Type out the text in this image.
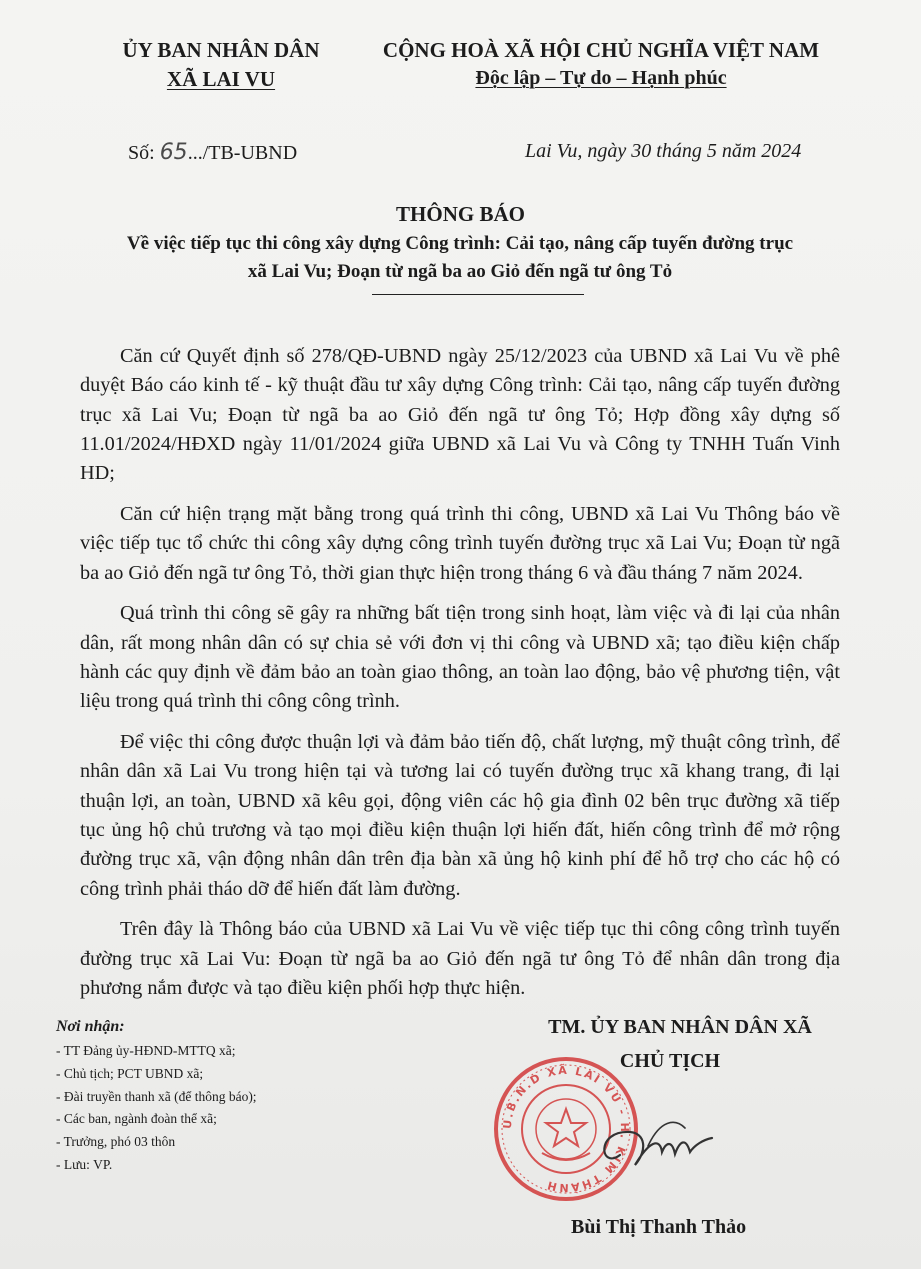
ỦY BAN NHÂN DÂN
XÃ LAI VU
CỘNG HOÀ XÃ HỘI CHỦ NGHĨA VIỆT NAM
Độc lập – Tự do – Hạnh phúc
Số: 65.../TB-UBND	Lai Vu, ngày 30 tháng 5 năm 2024
THÔNG BÁO
Về việc tiếp tục thi công xây dựng Công trình: Cải tạo, nâng cấp tuyến đường trục
xã Lai Vu; Đoạn từ ngã ba ao Giỏ đến ngã tư ông Tỏ

Căn cứ Quyết định số 278/QĐ-UBND ngày 25/12/2023 của UBND xã Lai Vu về phê duyệt Báo cáo kinh tế - kỹ thuật đầu tư xây dựng Công trình: Cải tạo, nâng cấp tuyến đường trục xã Lai Vu; Đoạn từ ngã ba ao Giỏ đến ngã tư ông Tỏ; Hợp đồng xây dựng số 11.01/2024/HĐXD ngày 11/01/2024 giữa UBND xã Lai Vu và Công ty TNHH Tuấn Vinh HD;

Căn cứ hiện trạng mặt bằng trong quá trình thi công, UBND xã Lai Vu Thông báo về việc tiếp tục tổ chức thi công xây dựng công trình tuyến đường trục xã Lai Vu; Đoạn từ ngã ba ao Giỏ đến ngã tư ông Tỏ, thời gian thực hiện trong tháng 6 và đầu tháng 7 năm 2024.

Quá trình thi công sẽ gây ra những bất tiện trong sinh hoạt, làm việc và đi lại của nhân dân, rất mong nhân dân có sự chia sẻ với đơn vị thi công và UBND xã; tạo điều kiện chấp hành các quy định về đảm bảo an toàn giao thông, an toàn lao động, bảo vệ phương tiện, vật liệu trong quá trình thi công công trình.

Để việc thi công được thuận lợi và đảm bảo tiến độ, chất lượng, mỹ thuật công trình, để nhân dân xã Lai Vu trong hiện tại và tương lai có tuyến đường trục xã khang trang, đi lại thuận lợi, an toàn, UBND xã kêu gọi, động viên các hộ gia đình 02 bên trục đường xã tiếp tục ủng hộ chủ trương và tạo mọi điều kiện thuận lợi hiến đất, hiến công trình để mở rộng đường trục xã, vận động nhân dân trên địa bàn xã ủng hộ kinh phí để hỗ trợ cho các hộ có công trình phải tháo dỡ để hiến đất làm đường.

Trên đây là Thông báo của UBND xã Lai Vu về việc tiếp tục thi công công trình tuyến đường trục xã Lai Vu: Đoạn từ ngã ba ao Giỏ đến ngã tư ông Tỏ để nhân dân trong địa phương nắm được và tạo điều kiện phối hợp thực hiện.

Nơi nhận:
- TT Đảng ủy-HĐND-MTTQ xã;
- Chủ tịch; PCT UBND xã;
- Đài truyền thanh xã (để thông báo);
- Các ban, ngành đoàn thể xã;
- Trưởng, phó 03 thôn
- Lưu: VP.
TM. ỦY BAN NHÂN DÂN XÃ
CHỦ TỊCH
U.B.N.D XÃ LAI VU - H. KIM THÀNH
Bùi Thị Thanh Thảo
